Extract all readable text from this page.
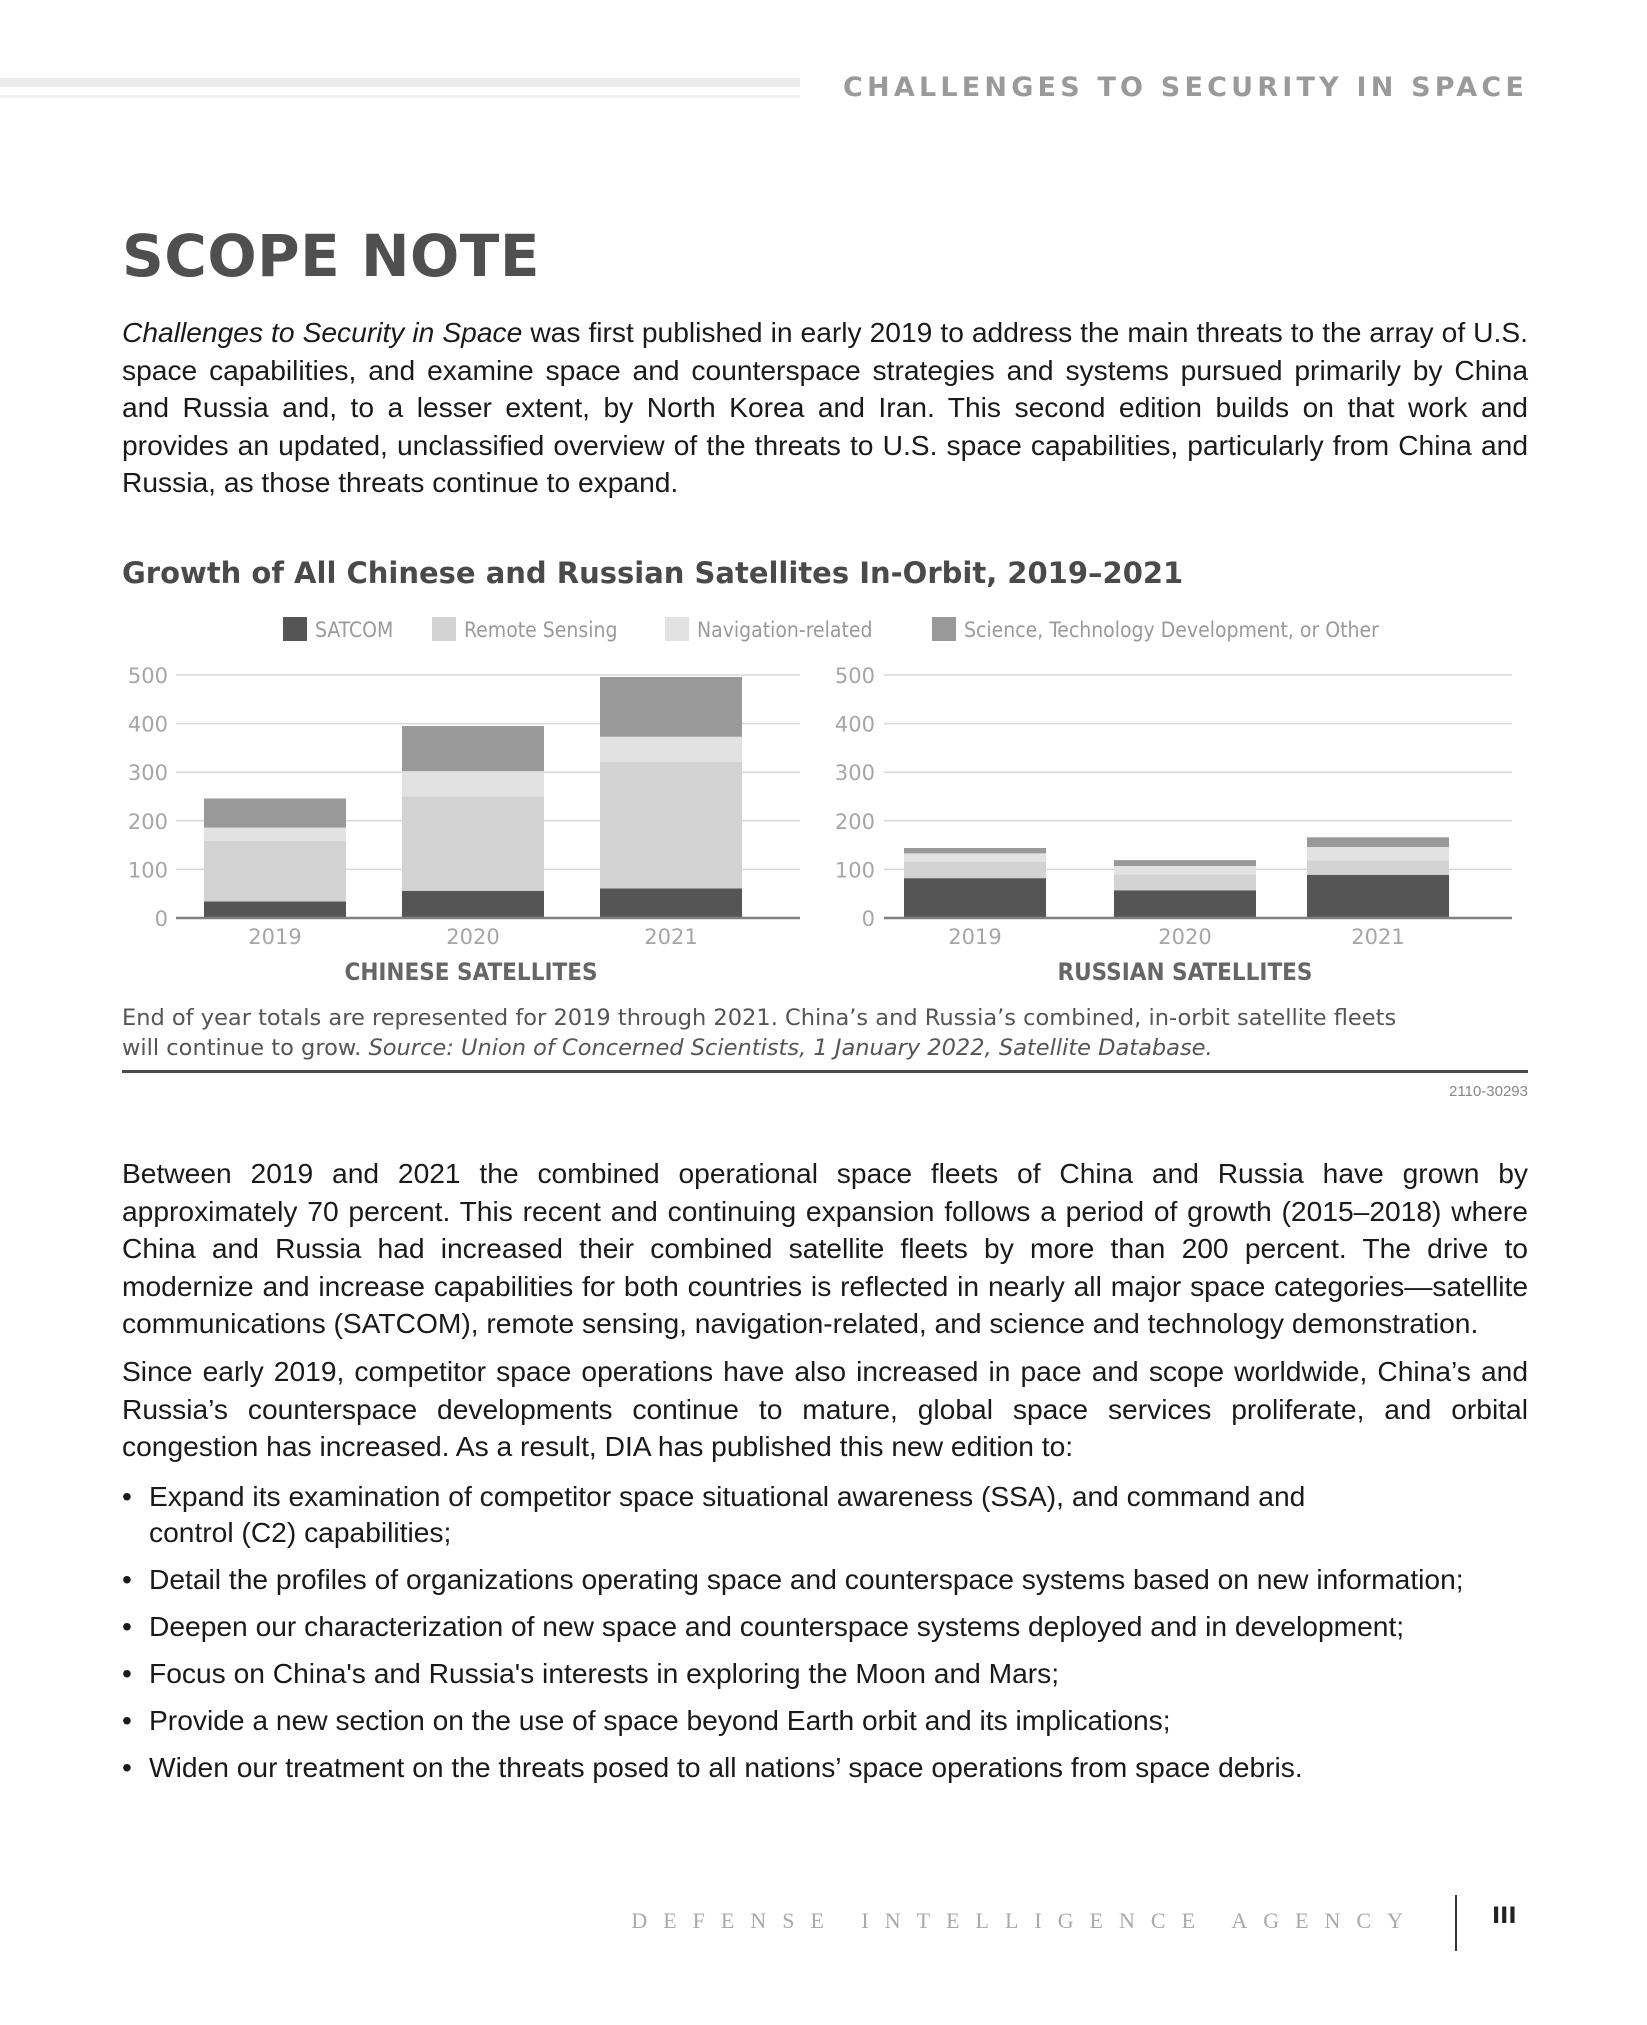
CHALLENGES TO SECURITY IN SPACE
SCOPE NOTE

Challenges to Security in Space was first published in early 2019 to address the main threats to the array of U.S. space capabilities, and examine space and counterspace strategies and systems pursued primarily by China and Russia and, to a lesser extent, by North Korea and Iran. This second edition builds on that work and provides an updated, unclassified overview of the threats to U.S. space capabilities, particularly from China and Russia, as those threats continue to expand.

Growth of All Chinese and Russian Satellites In-Orbit, 2019–2021
SATCOM	Remote Sensing	Navigation-related	Science, Technology Development, or Other
0
100
200
300
400
500
2019	2020	2021
CHINESE SATELLITES
0
100
200
300
400
500
2019	2020	2021
RUSSIAN SATELLITES
End of year totals are represented for 2019 through 2021. China’s and Russia’s combined, in-orbit satellite fleets
will continue to grow. Source: Union of Concerned Scientists, 1 January 2022, Satellite Database.
2110-30293

Between 2019 and 2021 the combined operational space fleets of China and Russia have grown by approximately 70 percent. This recent and continuing expansion follows a period of growth (2015–2018) where China and Russia had increased their combined satellite fleets by more than 200 percent. The drive to modernize and increase capabilities for both countries is reflected in nearly all major space categories—satellite communications (SATCOM), remote sensing, navigation-related, and science and technology demonstration.

Since early 2019, competitor space operations have also increased in pace and scope worldwide, China’s and Russia’s counterspace developments continue to mature, global space services proliferate, and orbital congestion has increased. As a result, DIA has published this new edition to:

• Expand its examination of competitor space situational awareness (SSA), and command and control (C2) capabilities;
• Detail the profiles of organizations operating space and counterspace systems based on new information;
• Deepen our characterization of new space and counterspace systems deployed and in development;
• Focus on China's and Russia's interests in exploring the Moon and Mars;
• Provide a new section on the use of space beyond Earth orbit and its implications;
• Widen our treatment on the threats posed to all nations’ space operations from space debris.
DEFENSE INTELLIGENCE AGENCY	III
